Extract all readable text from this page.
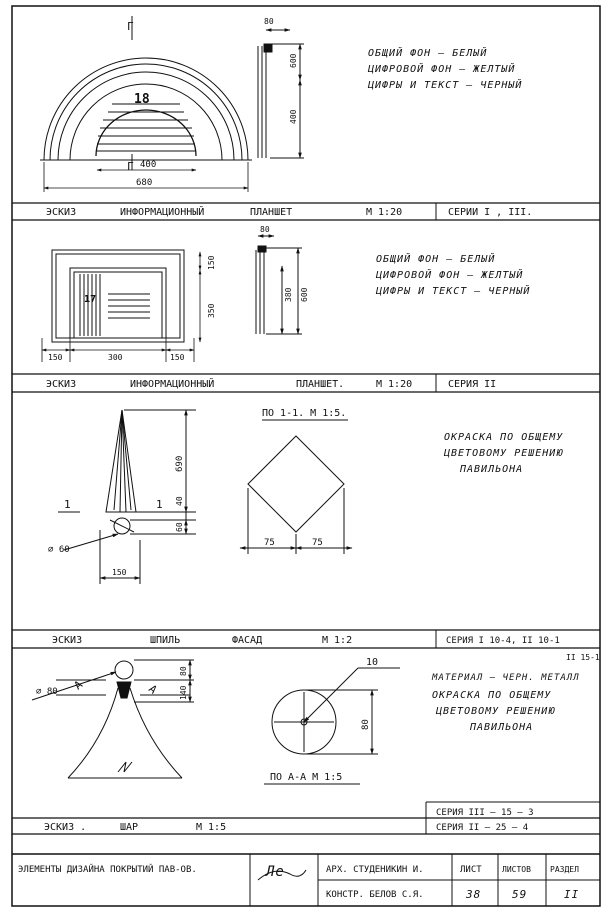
18
Г
Г 400
680
80
600
400
ОБЩИЙ ФОН – БЕЛЫЙ
ЦИФРОВОЙ ФОН – ЖЕЛТЫЙ
ЦИФРЫ И ТЕКСТ – ЧЕРНЫЙ
ЭСКИЗ	ИНФОРМАЦИОННЫЙ	ПЛАНШЕТ	М 1:20	СЕРИИ I , III.
17
150	300	150
150
350
80
380 600
ОБЩИЙ ФОН – БЕЛЫЙ
ЦИФРОВОЙ ФОН – ЖЕЛТЫЙ
ЦИФРЫ И ТЕКСТ – ЧЕРНЫЙ
ЭСКИЗ	ИНФОРМАЦИОННЫЙ	ПЛАНШЕТ.	М 1:20	СЕРИЯ II
690
40
60
⌀ 60
150
1	1
ПО 1-1. М 1:5.
75	75
ОКРАСКА ПО ОБЩЕМУ
ЦВЕТОВОМУ РЕШЕНИЮ
ПАВИЛЬОНА
ЭСКИЗ	ШПИЛЬ	ФАСАД	М 1:2	СЕРИЯ I 10-4, II 10-1
II 15-1
А	А
⌀ 80
80
140
10
80
ПО А-А М 1:5
МАТЕРИАЛ – ЧЕРН. МЕТАЛЛ
ОКРАСКА ПО ОБЩЕМУ
ЦВЕТОВОМУ РЕШЕНИЮ
ПАВИЛЬОНА
СЕРИЯ III – 15 – 3
ЭСКИЗ .	ШАР	М 1:5	СЕРИЯ II – 25 – 4
ЭЛЕМЕНТЫ ДИЗАЙНА ПОКРЫТИЙ ПАВ-ОВ.	Ле	АРХ. СТУДЕНИКИН И.
КОНСТР. БЕЛОВ С.Я.
ЛИСТ	ЛИСТОВ РАЗДЕЛ
38	59	II
